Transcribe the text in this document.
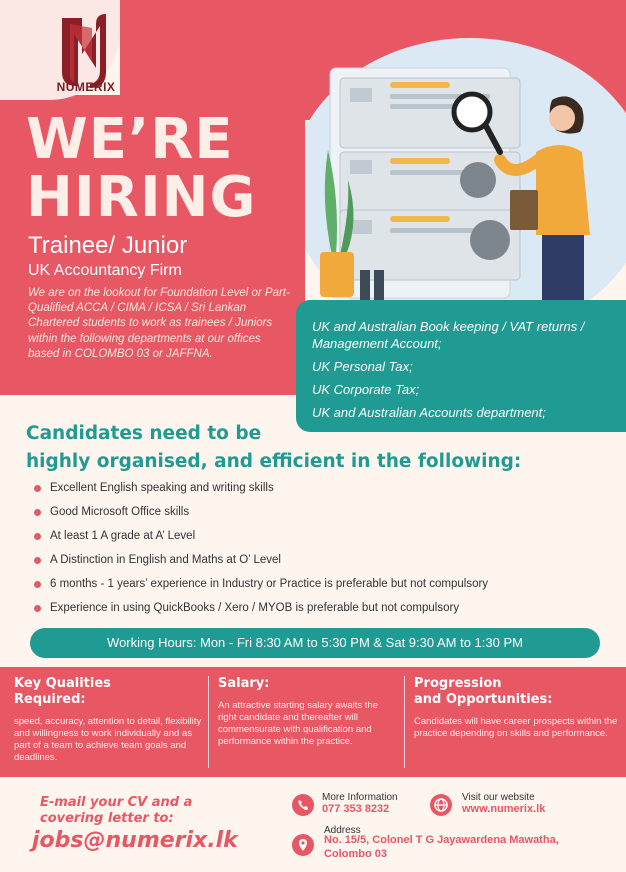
NUMERIX
WE’RE
HIRING
Trainee/ Junior
UK Accountancy Firm
We are on the lookout for Foundation Level or Part-Qualified ACCA / CIMA / ICSA / Sri Lankan Chartered students to work as trainees / Juniors within the following departments at our offices based in COLOMBO 03 or JAFFNA.
UK and Australian Book keeping / VAT returns / Management Account;
UK Personal Tax;
UK Corporate Tax;
UK and Australian Accounts department;
Candidates need to be
highly organised, and efficient in the following:
Excellent English speaking and writing skills
Good Microsoft Office skills
At least 1 A grade at A’ Level
A Distinction in English and Maths at O’ Level
6 months - 1 years’ experience in Industry or Practice is preferable but not compulsory
Experience in using QuickBooks / Xero / MYOB is preferable but not compulsory
Working Hours: Mon - Fri 8:30 AM to 5:30 PM & Sat 9:30 AM to 1:30 PM
Key Qualities
Required:

speed, accuracy, attention to detail, flexibility and willingness to work individually and as part of a team to achieve team goals and deadlines.

Salary:

An attractive starting salary awaits the right candidate and thereafter will commensurate with qualification and performance within the practice.

Progression
and Opportunities:

Candidates will have career prospects within the practice depending on skills and performance.

E-mail your CV and a
covering letter to:
jobs@numerix.lk
More Information
077 353 8232
Visit our website
www.numerix.lk
Address
No. 15/5, Colonel T G Jayawardena Mawatha,
Colombo 03
